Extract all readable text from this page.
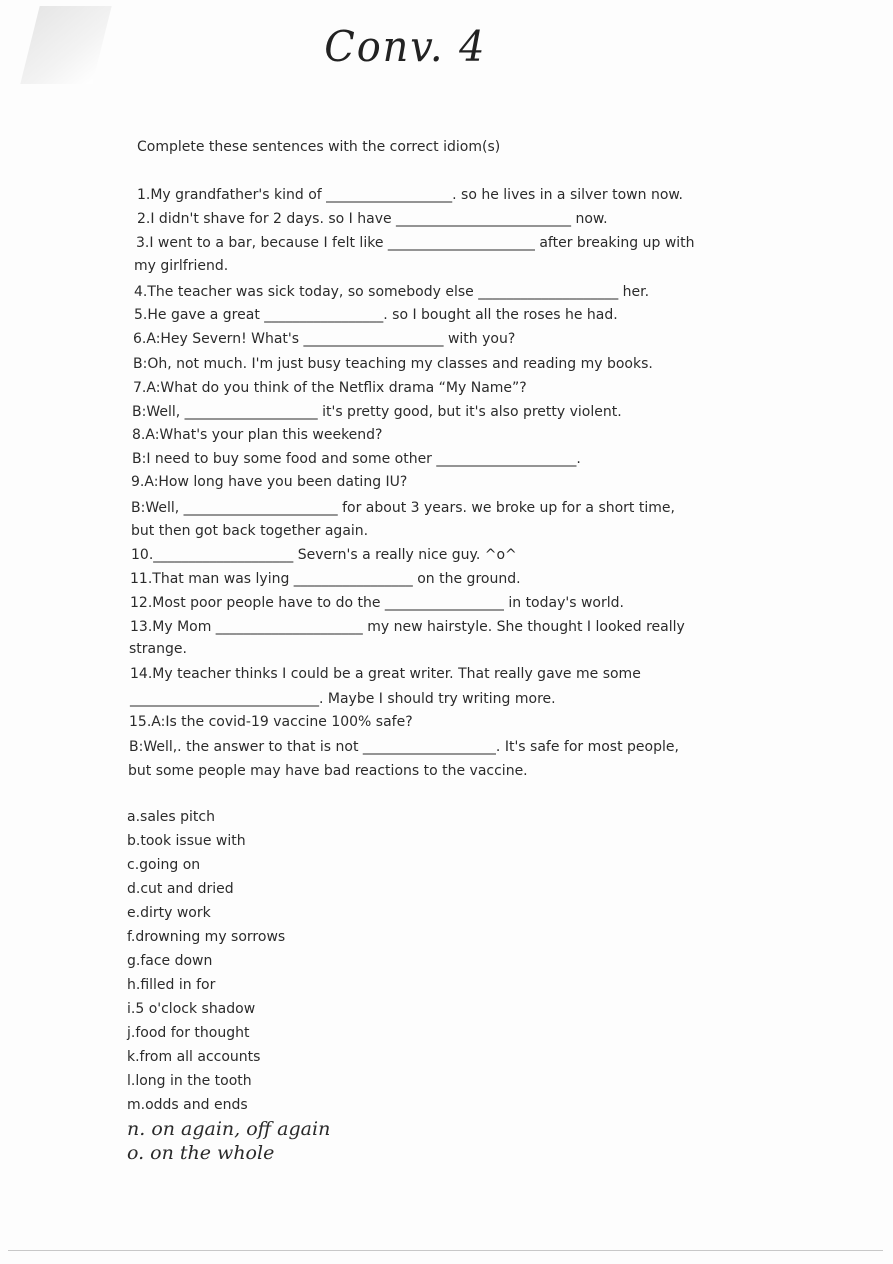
Conv. 4
Complete these sentences with the correct idiom(s)
1.My grandfather's kind of __________________. so he lives in a silver town now.
2.I didn't shave for 2 days. so I have _________________________ now.
3.I went to a bar, because I felt like _____________________ after breaking up with
my girlfriend.
4.The teacher was sick today, so somebody else ____________________ her.
5.He gave a great _________________. so I bought all the roses he had.
6.A:Hey Severn! What's ____________________ with you?
B:Oh, not much. I'm just busy teaching my classes and reading my books.
7.A:What do you think of the Netflix drama “My Name”?
B:Well, ___________________ it's pretty good, but it's also pretty violent.
8.A:What's your plan this weekend?
B:I need to buy some food and some other ____________________.
9.A:How long have you been dating IU?
B:Well, ______________________ for about 3 years. we broke up for a short time,
but then got back together again.
10.____________________ Severn's a really nice guy. ^o^
11.That man was lying _________________ on the ground.
12.Most poor people have to do the _________________ in today's world.
13.My Mom _____________________ my new hairstyle. She thought I looked really
strange.
14.My teacher thinks I could be a great writer. That really gave me some
___________________________. Maybe I should try writing more.
15.A:Is the covid-19 vaccine 100% safe?
B:Well,. the answer to that is not ___________________. It's safe for most people,
but some people may have bad reactions to the vaccine.
a.sales pitch
b.took issue with
c.going on
d.cut and dried
e.dirty work
f.drowning my sorrows
g.face down
h.filled in for
i.5 o'clock shadow
j.food for thought
k.from all accounts
l.long in the tooth
m.odds and ends
n. on again, off again
o. on the whole
